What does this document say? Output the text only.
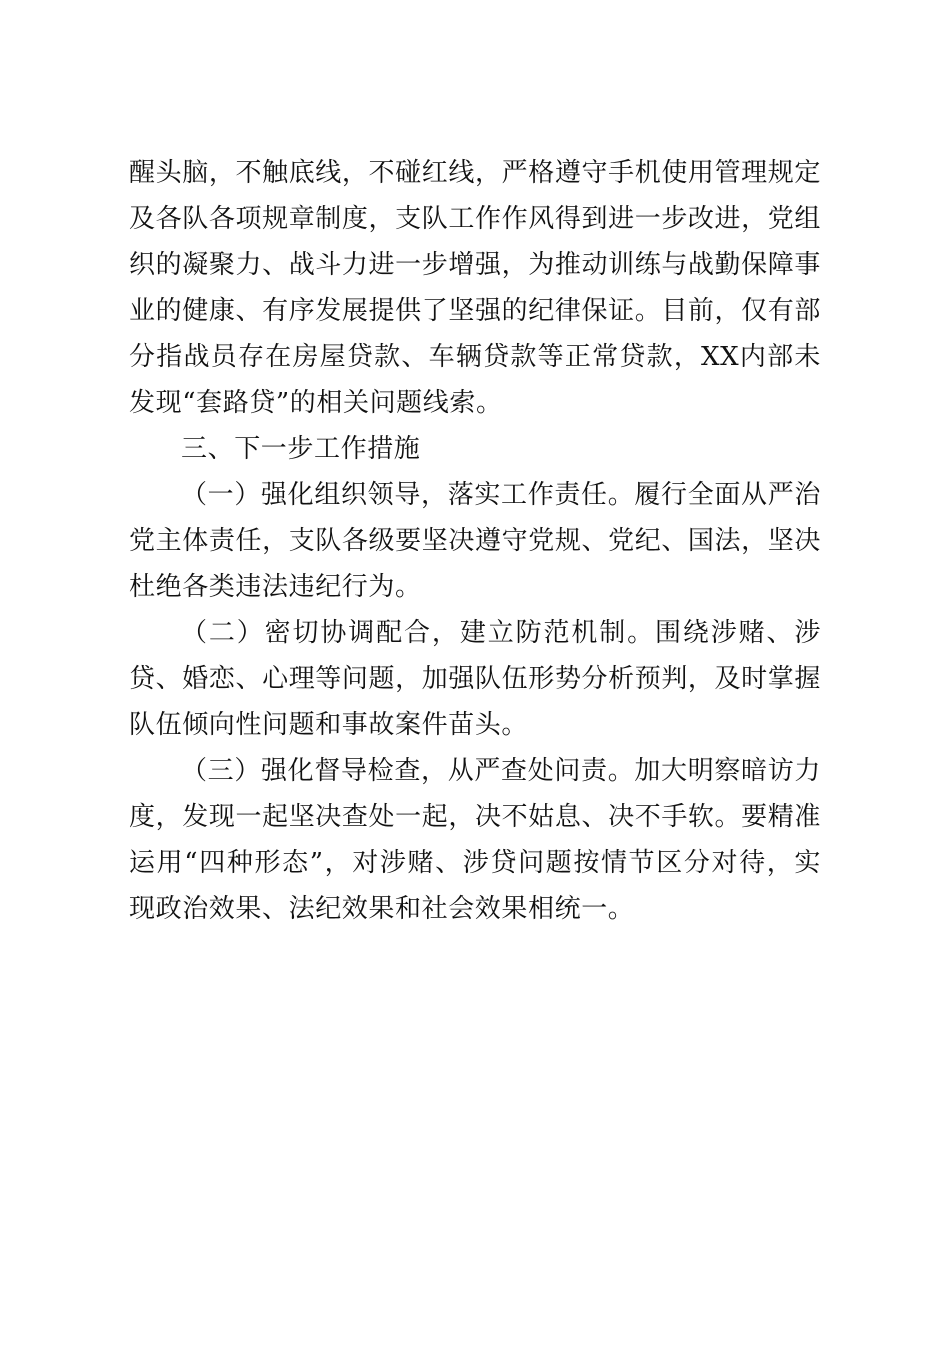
醒头脑，不触底线，不碰红线，严格遵守手机使用管理规定及各队各项规章制度，支队工作作风得到进一步改进，党组织的凝聚力、战斗力进一步增强，为推动训练与战勤保障事业的健康、有序发展提供了坚强的纪律保证。目前，仅有部分指战员存在房屋贷款、车辆贷款等正常贷款，XX内部未发现“套路贷”的相关问题线索。

三、下一步工作措施

（一）强化组织领导，落实工作责任。履行全面从严治党主体责任，支队各级要坚决遵守党规、党纪、国法，坚决杜绝各类违法违纪行为。

（二）密切协调配合，建立防范机制。围绕涉赌、涉贷、婚恋、心理等问题，加强队伍形势分析预判，及时掌握队伍倾向性问题和事故案件苗头。

（三）强化督导检查，从严查处问责。加大明察暗访力度，发现一起坚决查处一起，决不姑息、决不手软。要精准运用“四种形态”，对涉赌、涉贷问题按情节区分对待，实现政治效果、法纪效果和社会效果相统一。
